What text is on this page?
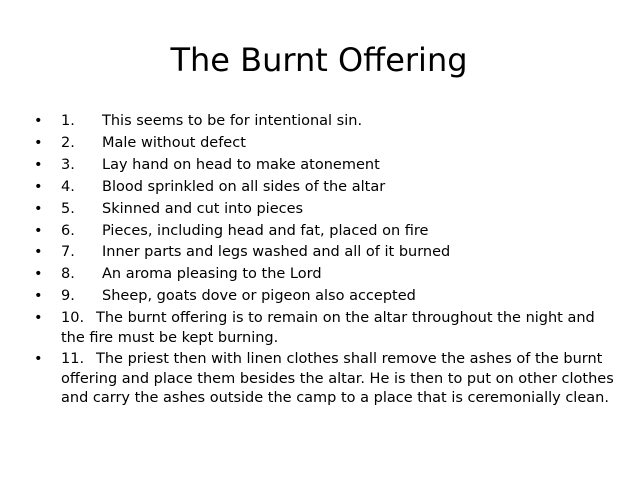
The Burnt Offering
•	1. This seems to be for intentional sin.
•	2. Male without defect
•	3. Lay hand on head to make atonement
•	4. Blood sprinkled on all sides of the altar
•	5. Skinned and cut into pieces
•	6. Pieces, including head and fat, placed on fire
•	7. Inner parts and legs washed and all of it burned
•	8. An aroma pleasing to the Lord
•	9. Sheep, goats dove or pigeon also accepted
•	10. The burnt offering is to remain on the altar throughout the night and the fire must be kept burning.
•	11. The priest then with linen clothes shall remove the ashes of the burnt offering and place them besides the altar. He is then to put on other clothes and carry the ashes outside the camp to a place that is ceremonially clean.
